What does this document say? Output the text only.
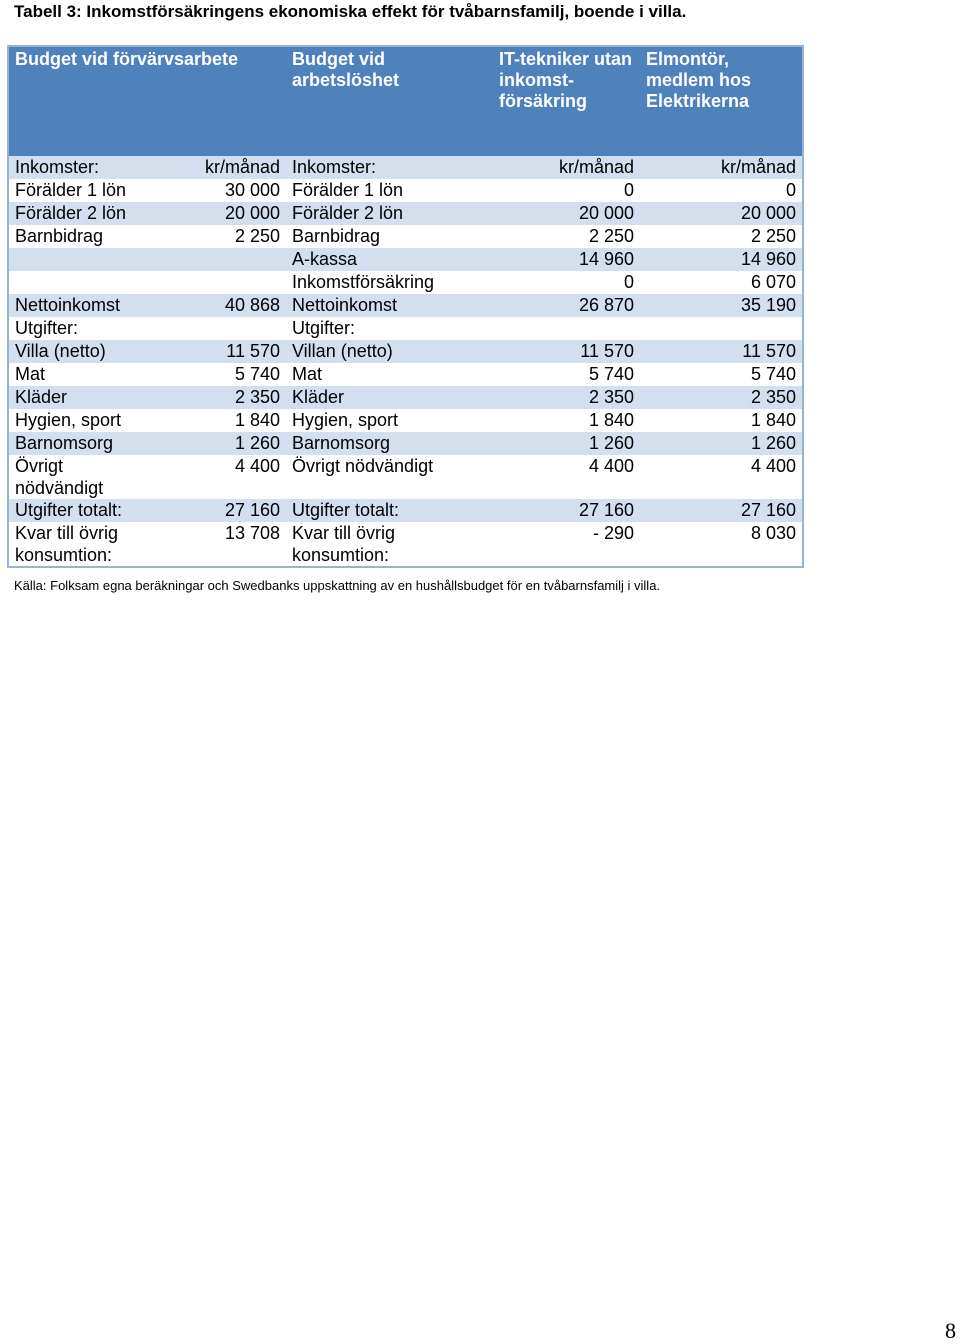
Tabell 3: Inkomstförsäkringens ekonomiska effekt för tvåbarnsfamilj, boende i villa.
Budget vid förvärvsarbete		Budget vid arbetslöshet	IT-tekniker utan inkomst-försäkring	Elmontör, medlem hos Elektrikerna
Inkomster:	kr/månad	Inkomster:	kr/månad	kr/månad
Förälder 1 lön	30 000	Förälder 1 lön	0	0
Förälder 2 lön	20 000	Förälder 2 lön	20 000	20 000
Barnbidrag	2 250	Barnbidrag	2 250	2 250
		A-kassa	14 960	14 960
		Inkomstförsäkring	0	6 070
Nettoinkomst	40 868	Nettoinkomst	26 870	35 190
Utgifter:		Utgifter:		
Villa (netto)	11 570	Villan (netto)	11 570	11 570
Mat	5 740	Mat	5 740	5 740
Kläder	2 350	Kläder	2 350	2 350
Hygien, sport	1 840	Hygien, sport	1 840	1 840
Barnomsorg	1 260	Barnomsorg	1 260	1 260
Övrigt nödvändigt	4 400	Övrigt nödvändigt	4 400	4 400
Utgifter totalt:	27 160	Utgifter totalt:	27 160	27 160
Kvar till övrig konsumtion:	13 708	Kvar till övrig konsumtion:	- 290	8 030
Källa: Folksam egna beräkningar och Swedbanks uppskattning av en hushållsbudget för en tvåbarnsfamilj i villa.
8
